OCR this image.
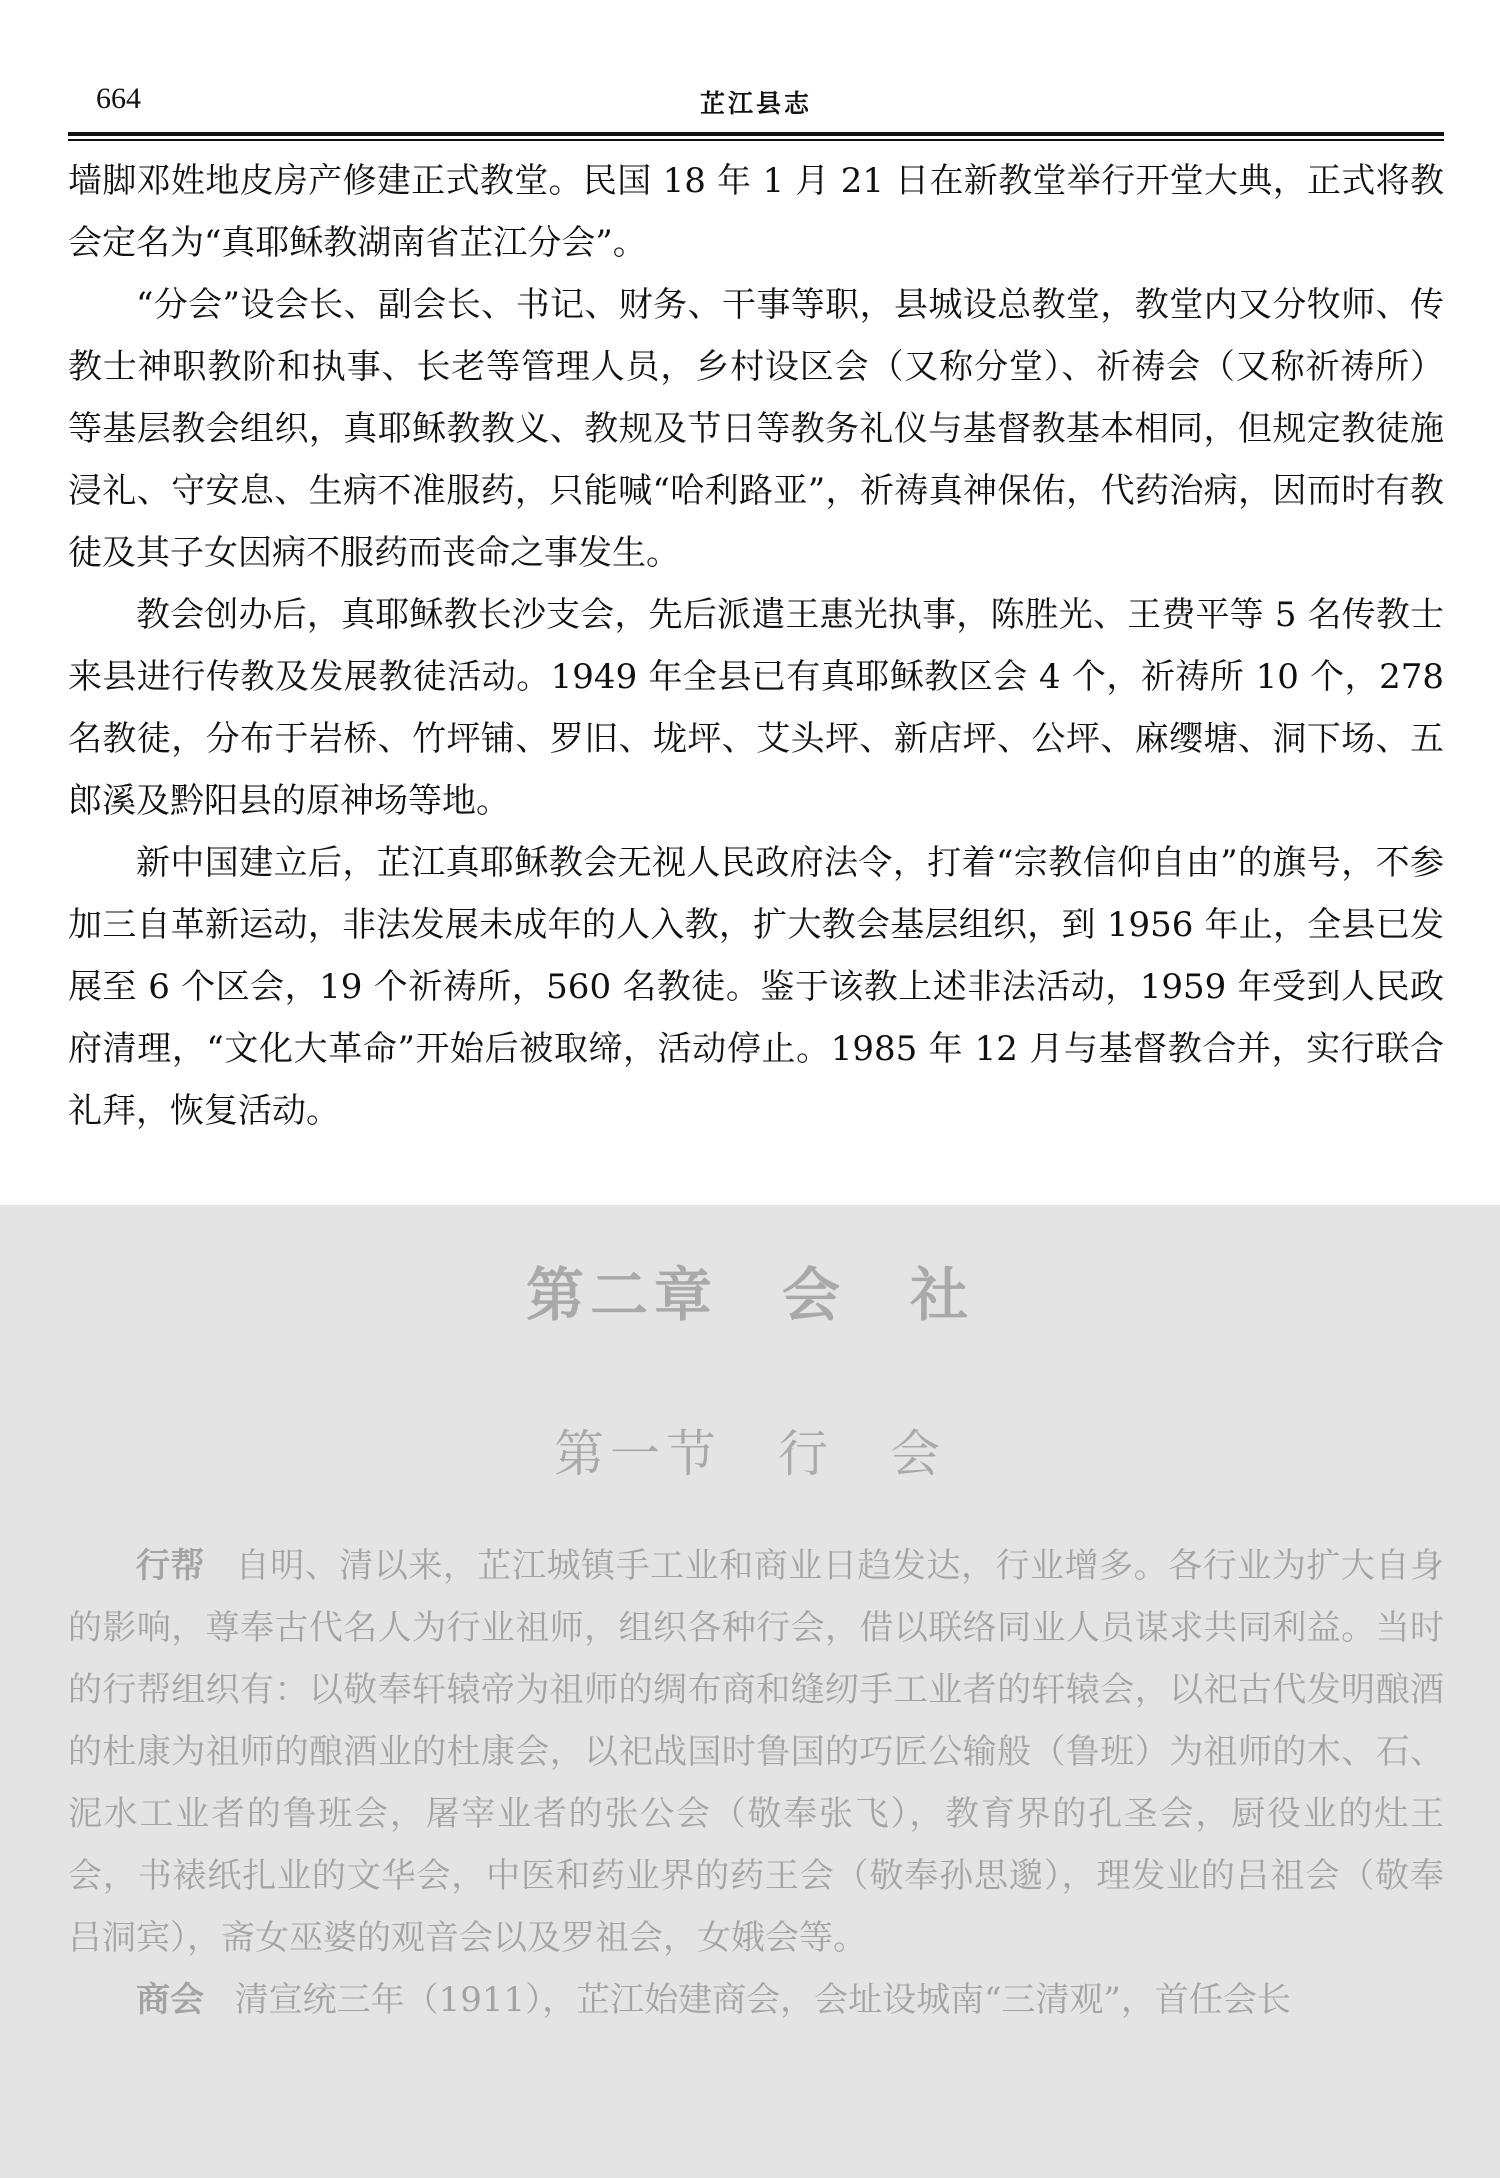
664	芷江县志

墙脚邓姓地皮房产修建正式教堂。民国 18 年 1 月 21 日在新教堂举行开堂大典，正式将教会定名为“真耶稣教湖南省芷江分会”。

“分会”设会长、副会长、书记、财务、干事等职，县城设总教堂，教堂内又分牧师、传教士神职教阶和执事、长老等管理人员，乡村设区会（又称分堂）、祈祷会（又称祈祷所）等基层教会组织，真耶稣教教义、教规及节日等教务礼仪与基督教基本相同，但规定教徒施浸礼、守安息、生病不准服药，只能喊“哈利路亚”，祈祷真神保佑，代药治病，因而时有教徒及其子女因病不服药而丧命之事发生。

教会创办后，真耶稣教长沙支会，先后派遣王惠光执事，陈胜光、王费平等 5 名传教士来县进行传教及发展教徒活动。1949 年全县已有真耶稣教区会 4 个，祈祷所 10 个，278 名教徒，分布于岩桥、竹坪铺、罗旧、垅坪、艾头坪、新店坪、公坪、麻缨塘、洞下场、五郎溪及黔阳县的原神场等地。

新中国建立后，芷江真耶稣教会无视人民政府法令，打着“宗教信仰自由”的旗号，不参加三自革新运动，非法发展未成年的人入教，扩大教会基层组织，到 1956 年止，全县已发展至 6 个区会，19 个祈祷所，560 名教徒。鉴于该教上述非法活动，1959 年受到人民政府清理，“文化大革命”开始后被取缔，活动停止。1985 年 12 月与基督教合并，实行联合礼拜，恢复活动。

第二章　会　社
第一节　行　会

行帮 自明、清以来，芷江城镇手工业和商业日趋发达，行业增多。各行业为扩大自身的影响，尊奉古代名人为行业祖师，组织各种行会，借以联络同业人员谋求共同利益。当时的行帮组织有：以敬奉轩辕帝为祖师的绸布商和缝纫手工业者的轩辕会，以祀古代发明酿酒的杜康为祖师的酿酒业的杜康会，以祀战国时鲁国的巧匠公输般（鲁班）为祖师的木、石、泥水工业者的鲁班会，屠宰业者的张公会（敬奉张飞），教育界的孔圣会，厨役业的灶王会，书裱纸扎业的文华会，中医和药业界的药王会（敬奉孙思邈），理发业的吕祖会（敬奉吕洞宾），斋女巫婆的观音会以及罗祖会，女娥会等。

商会 清宣统三年（1911），芷江始建商会，会址设城南“三清观”，首任会长
